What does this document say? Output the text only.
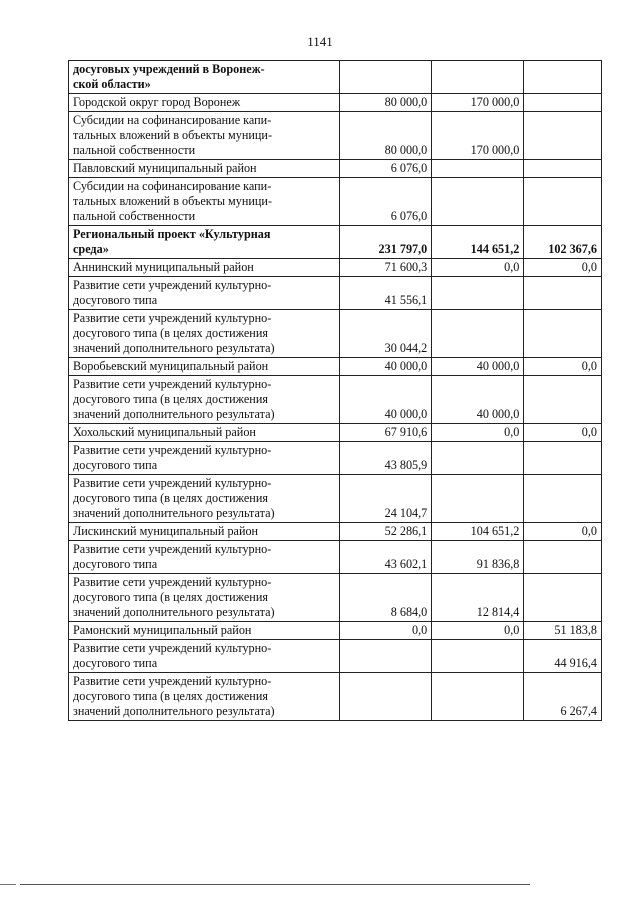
1141
досуговых учреждений в Воронеж-
ской области»			
Городской округ город Воронеж	80 000,0	170 000,0	
Субсидии на софинансирование капи-
тальных вложений в объекты муници-
пальной собственности	80 000,0	170 000,0	
Павловский муниципальный район	6 076,0		
Субсидии на софинансирование капи-
тальных вложений в объекты муници-
пальной собственности	6 076,0		
Региональный проект «Культурная
среда»	231 797,0	144 651,2	102 367,6
Аннинский муниципальный район	71 600,3	0,0	0,0
Развитие сети учреждений культурно-
досугового типа	41 556,1		
Развитие сети учреждений культурно-
досугового типа (в целях достижения
значений дополнительного результата)	30 044,2		
Воробьевский муниципальный район	40 000,0	40 000,0	0,0
Развитие сети учреждений культурно-
досугового типа (в целях достижения
значений дополнительного результата)	40 000,0	40 000,0	
Хохольский муниципальный район	67 910,6	0,0	0,0
Развитие сети учреждений культурно-
досугового типа	43 805,9		
Развитие сети учреждений культурно-
досугового типа (в целях достижения
значений дополнительного результата)	24 104,7		
Лискинский муниципальный район	52 286,1	104 651,2	0,0
Развитие сети учреждений культурно-
досугового типа	43 602,1	91 836,8	
Развитие сети учреждений культурно-
досугового типа (в целях достижения
значений дополнительного результата)	8 684,0	12 814,4	
Рамонский муниципальный район	0,0	0,0	51 183,8
Развитие сети учреждений культурно-
досугового типа			44 916,4
Развитие сети учреждений культурно-
досугового типа (в целях достижения
значений дополнительного результата)			6 267,4
